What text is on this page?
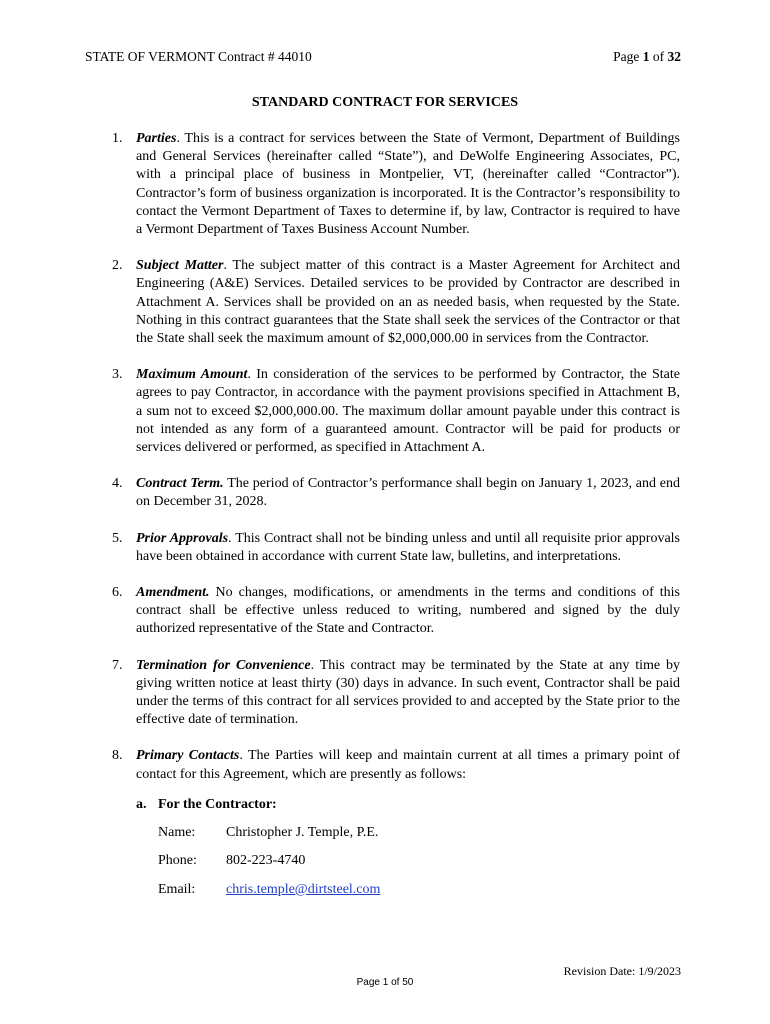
STATE OF VERMONT Contract # 44010	Page 1 of 32
STANDARD CONTRACT FOR SERVICES
1. Parties. This is a contract for services between the State of Vermont, Department of Buildings and General Services (hereinafter called “State”), and DeWolfe Engineering Associates, PC, with a principal place of business in Montpelier, VT, (hereinafter called “Contractor”). Contractor’s form of business organization is incorporated. It is the Contractor’s responsibility to contact the Vermont Department of Taxes to determine if, by law, Contractor is required to have a Vermont Department of Taxes Business Account Number.
2. Subject Matter. The subject matter of this contract is a Master Agreement for Architect and Engineering (A&E) Services. Detailed services to be provided by Contractor are described in Attachment A. Services shall be provided on an as needed basis, when requested by the State. Nothing in this contract guarantees that the State shall seek the services of the Contractor or that the State shall seek the maximum amount of $2,000,000.00 in services from the Contractor.
3. Maximum Amount. In consideration of the services to be performed by Contractor, the State agrees to pay Contractor, in accordance with the payment provisions specified in Attachment B, a sum not to exceed $2,000,000.00. The maximum dollar amount payable under this contract is not intended as any form of a guaranteed amount. Contractor will be paid for products or services delivered or performed, as specified in Attachment A.
4. Contract Term. The period of Contractor’s performance shall begin on January 1, 2023, and end on December 31, 2028.
5. Prior Approvals. This Contract shall not be binding unless and until all requisite prior approvals have been obtained in accordance with current State law, bulletins, and interpretations.
6. Amendment. No changes, modifications, or amendments in the terms and conditions of this contract shall be effective unless reduced to writing, numbered and signed by the duly authorized representative of the State and Contractor.
7. Termination for Convenience. This contract may be terminated by the State at any time by giving written notice at least thirty (30) days in advance. In such event, Contractor shall be paid under the terms of this contract for all services provided to and accepted by the State prior to the effective date of termination.
8. Primary Contacts. The Parties will keep and maintain current at all times a primary point of contact for this Agreement, which are presently as follows:
a. For the Contractor:
Name:	Christopher J. Temple, P.E.
Phone:	802-223-4740
Email:	chris.temple@dirtsteel.com
Revision Date: 1/9/2023
Page 1 of 50
